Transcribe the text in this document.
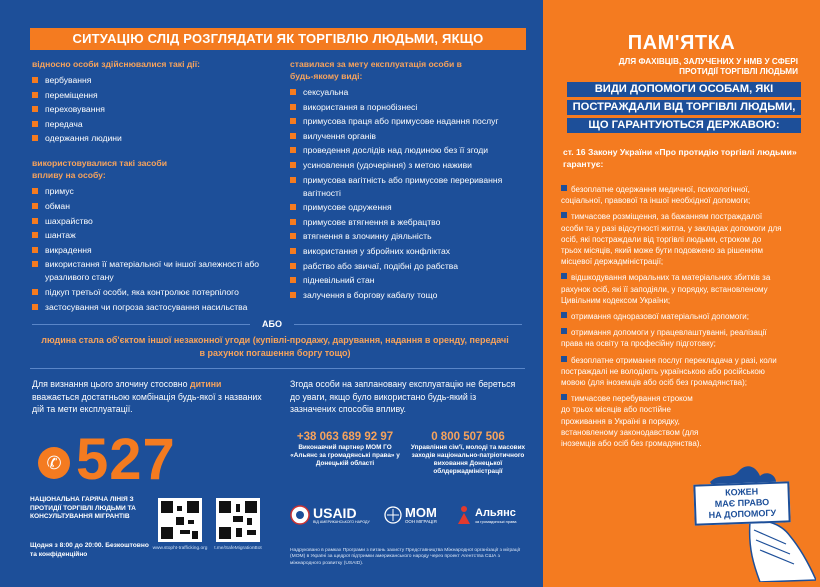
СИТУАЦІЮ СЛІД РОЗГЛЯДАТИ ЯК ТОРГІВЛЮ ЛЮДЬМИ, ЯКЩО
відносно особи здійснювалися такі дії:
вербування
переміщення
переховування
передача
одержання людини
використовувалися такі засоби впливу на особу:
примус
обман
шахрайство
шантаж
викрадення
використання її матеріальної чи іншої залежності або уразливого стану
підкуп третьої особи, яка контролює потерпілого
застосування чи погроза застосування насильства
ставилася за мету експлуатація особи в будь-якому виді:
сексуальна
використання в порнобізнесі
примусова праця або примусове надання послуг
вилучення органів
проведення дослідів над людиною без її згоди
усиновлення (удочеріння) з метою наживи
примусова вагітність або примусове переривання вагітності
примусове одруження
примусове втягнення в жебрацтво
втягнення в злочинну діяльність
використання у збройних конфліктах
рабство або звичаї, подібні до рабства
підневільний стан
залучення в боргову кабалу тощо
АБО
людина стала об'єктом іншої незаконної угоди (купівлі-продажу, дарування, надання в оренду, передачі в рахунок погашення боргу тощо)
Для визнання цього злочину стосовно дитини вважається достатньою комбінація будь-якої з названих дій та мети експлуатації.
Згода особи на заплановану експлуатацію не береться до уваги, якщо було використано будь-який із зазначених способів впливу.
✆ 527
НАЦІОНАЛЬНА ГАРЯЧА ЛІНІЯ З ПРОТИДІЇ ТОРГІВЛІ ЛЮДЬМИ ТА КОНСУЛЬТУВАННЯ МІГРАНТІВ
Щодня з 8:00 до 20:00. Безкоштовно та конфіденційно
www.stopht-trafficking.org	t.me/SafeMigrationBot
+38 063 689 92 97
Виконавчий партнер МОМ ГО «Альянс за громадянські права» у Донецькій області
0 800 507 506
Управління сім'ї, молоді та масових заходів національно-патріотичного виховання Донецької облдержадміністрації
USAID
ВІД АМЕРИКАНСЬКОГО НАРОДУ
МОМ
ООН МІГРАЦІЯ
Альянс
за громадянські права
Надруковано в рамках Програми з питань захисту Представництва Міжнародної організації з міграції (МОМ) в Україні за щедрої підтримки американського народу через проект Агентства США з міжнародного розвитку (USAID).
ПАМ'ЯТКА
ДЛЯ ФАХІВЦІВ, ЗАЛУЧЕНИХ У НМВ У СФЕРІ ПРОТИДІЇ ТОРГІВЛІ ЛЮДЬМИ
ВИДИ ДОПОМОГИ ОСОБАМ, ЯКІ
ПОСТРАЖДАЛИ ВІД ТОРГІВЛІ ЛЮДЬМИ,
ЩО ГАРАНТУЮТЬСЯ ДЕРЖАВОЮ:
ст. 16 Закону України «Про протидію торгівлі людьми» гарантує:
безоплатне одержання медичної, психологічної, соціальної, правової та іншої необхідної допомоги;
тимчасове розміщення, за бажанням постраждалої особи та у разі відсутності житла, у закладах допомоги для осіб, які постраждали від торгівлі людьми, строком до трьох місяців, який може бути подовжено за рішенням місцевої держадміністрації;
відшкодування моральних та матеріальних збитків за рахунок осіб, які її заподіяли, у порядку, встановленому Цивільним кодексом України;
отримання одноразової матеріальної допомоги;
отримання допомоги у працевлаштуванні, реалізації права на освіту та професійну підготовку;
безоплатне отримання послуг перекладача у разі, коли постраждалі не володіють українською або російською мовою (для іноземців або осіб без громадянства);
тимчасове перебування строком до трьох місяців або постійне проживання в Україні в порядку, встановленому законодавством (для іноземців або осіб без громадянства).
КОЖЕН
МАЄ ПРАВО
НА ДОПОМОГУ
